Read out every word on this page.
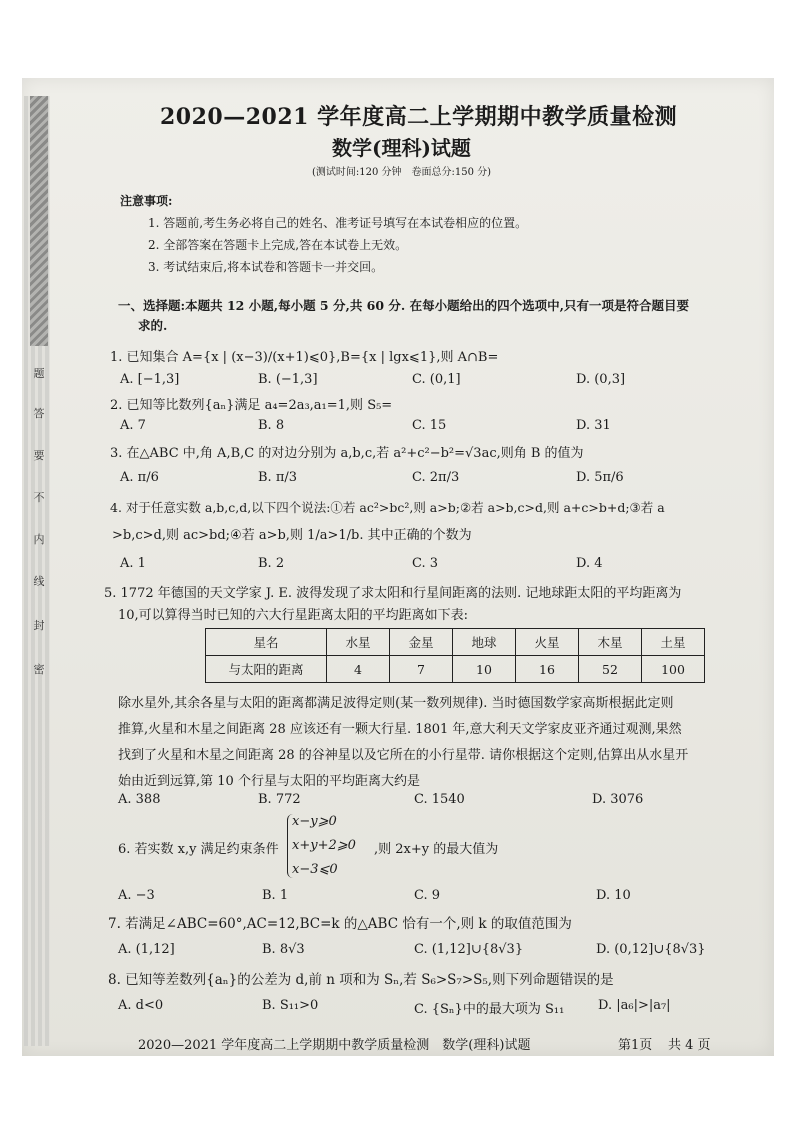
题
答
要
不
内
线
封
密
2020—2021 学年度高二上学期期中教学质量检测
数学(理科)试题
(测试时间:120 分钟　卷面总分:150 分)
注意事项:
1. 答题前,考生务必将自己的姓名、准考证号填写在本试卷相应的位置。
2. 全部答案在答题卡上完成,答在本试卷上无效。
3. 考试结束后,将本试卷和答题卡一并交回。
一、选择题:本题共 12 小题,每小题 5 分,共 60 分. 在每小题给出的四个选项中,只有一项是符合题目要
求的.
1. 已知集合 A={x | (x−3)/(x+1)⩽0},B={x | lgx⩽1},则 A∩B=
A. [−1,3]	B. (−1,3]	C. (0,1]	D. (0,3]
2. 已知等比数列{aₙ}满足 a₄=2a₃,a₁=1,则 S₅=
A. 7	B. 8	C. 15	D. 31
3. 在△ABC 中,角 A,B,C 的对边分别为 a,b,c,若 a²+c²−b²=√3ac,则角 B 的值为
A. π/6	B. π/3	C. 2π/3	D. 5π/6
4. 对于任意实数 a,b,c,d,以下四个说法:①若 ac²>bc²,则 a>b;②若 a>b,c>d,则 a+c>b+d;③若 a
>b,c>d,则 ac>bd;④若 a>b,则 1/a>1/b. 其中正确的个数为
A. 1	B. 2	C. 3	D. 4
5. 1772 年德国的天文学家 J. E. 波得发现了求太阳和行星间距离的法则. 记地球距太阳的平均距离为
10,可以算得当时已知的六大行星距离太阳的平均距离如下表:
星名	水星	金星	地球	火星	木星	土星
与太阳的距离	4	7	10	16	52	100
除水星外,其余各星与太阳的距离都满足波得定则(某一数列规律). 当时德国数学家高斯根据此定则
推算,火星和木星之间距离 28 应该还有一颗大行星. 1801 年,意大利天文学家皮亚齐通过观测,果然
找到了火星和木星之间距离 28 的谷神星以及它所在的小行星带. 请你根据这个定则,估算出从水星开
始由近到远算,第 10 个行星与太阳的平均距离大约是
A. 388	B. 772	C. 1540	D. 3076
6. 若实数 x,y 满足约束条件
x−y⩾0
x+y+2⩾0
x−3⩽0
,则 2x+y 的最大值为
A. −3	B. 1	C. 9	D. 10
7. 若满足∠ABC=60°,AC=12,BC=k 的△ABC 恰有一个,则 k 的取值范围为
A. (1,12]	B. 8√3	C. (1,12]∪{8√3}	D. (0,12]∪{8√3}
8. 已知等差数列{aₙ}的公差为 d,前 n 项和为 Sₙ,若 S₆>S₇>S₅,则下列命题错误的是
A. d<0	B. S₁₁>0	C. {Sₙ}中的最大项为 S₁₁	D. |a₆|>|a₇|
2020—2021 学年度高二上学期期中教学质量检测　数学(理科)试题	第1页 共 4 页
